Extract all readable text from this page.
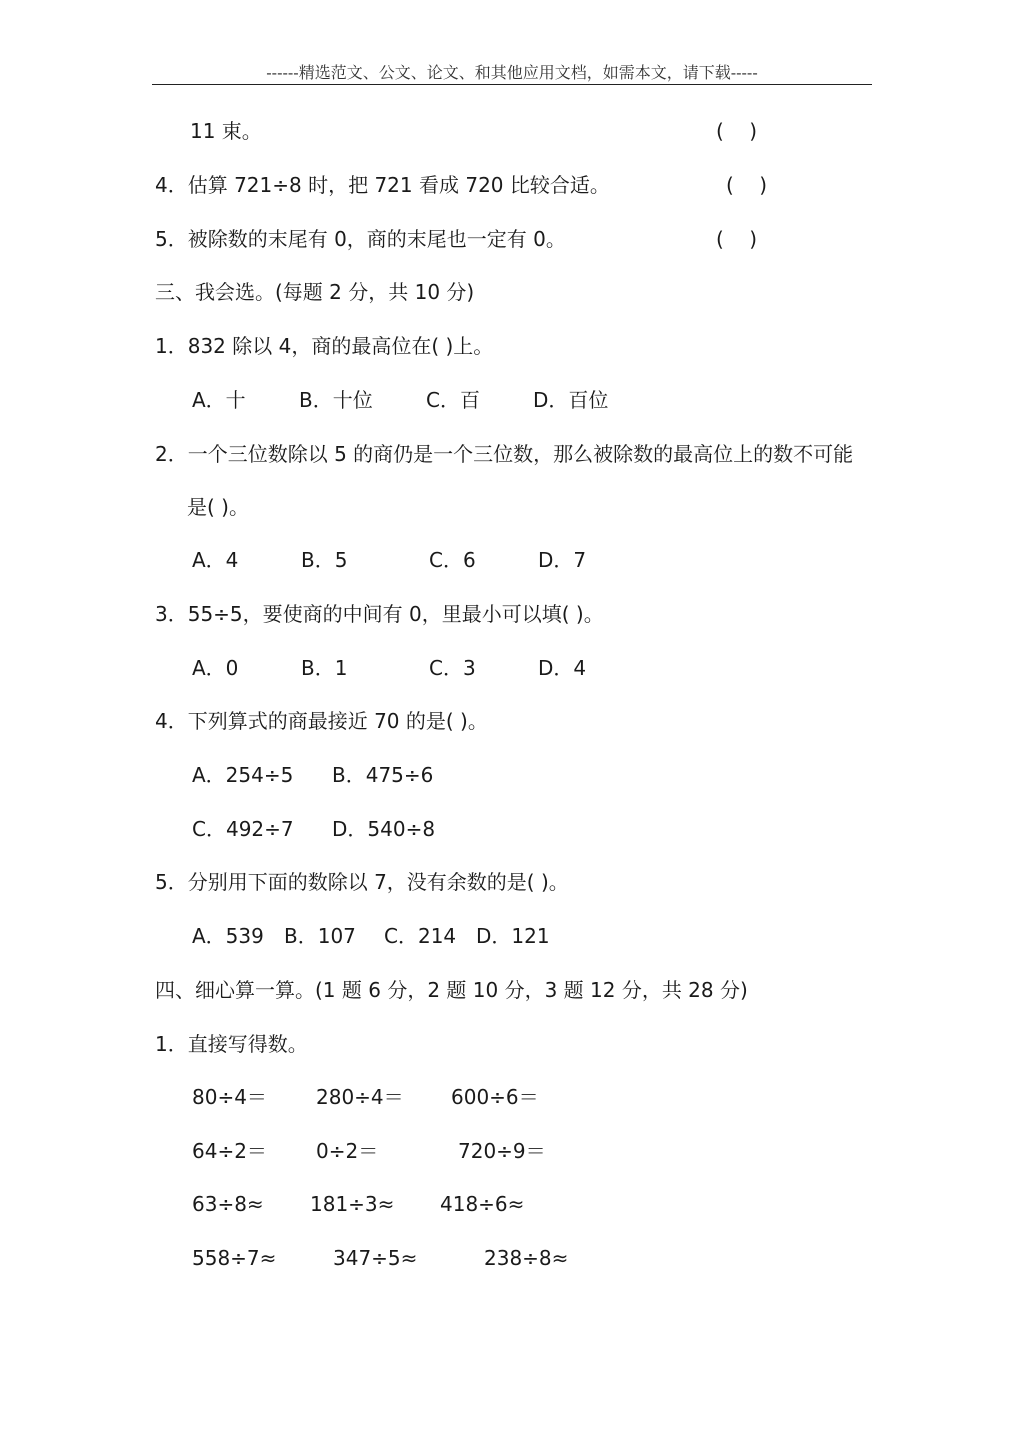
------精选范文、公文、论文、和其他应用文档，如需本文，请下载-----
11 束。	(    )
4．估算 721÷8 时，把 721 看成 720 比较合适。	(    )
5．被除数的末尾有 0，商的末尾也一定有 0。	(    )
三、我会选。(每题 2 分，共 10 分)
1．832 除以 4，商的最高位在( )上。
A．十	B．十位	C．百	D．百位
2．一个三位数除以 5 的商仍是一个三位数，那么被除数的最高位上的数不可能
是( )。
A．4	B．5	C．6	D．7
3．55÷5，要使商的中间有 0，里最小可以填( )。
A．0	B．1	C．3	D．4
4．下列算式的商最接近 70 的是( )。
A．254÷5 B．475÷6
C．492÷7 D．540÷8
5．分别用下面的数除以 7，没有余数的是( )。
A．539 B．107 C．214 D．121
四、细心算一算。(1 题 6 分，2 题 10 分，3 题 12 分，共 28 分)
1．直接写得数。
80÷4＝ 280÷4＝ 600÷6＝
64÷2＝ 0÷2＝	720÷9＝
63÷8≈ 181÷3≈ 418÷6≈
558÷7≈	347÷5≈	238÷8≈
